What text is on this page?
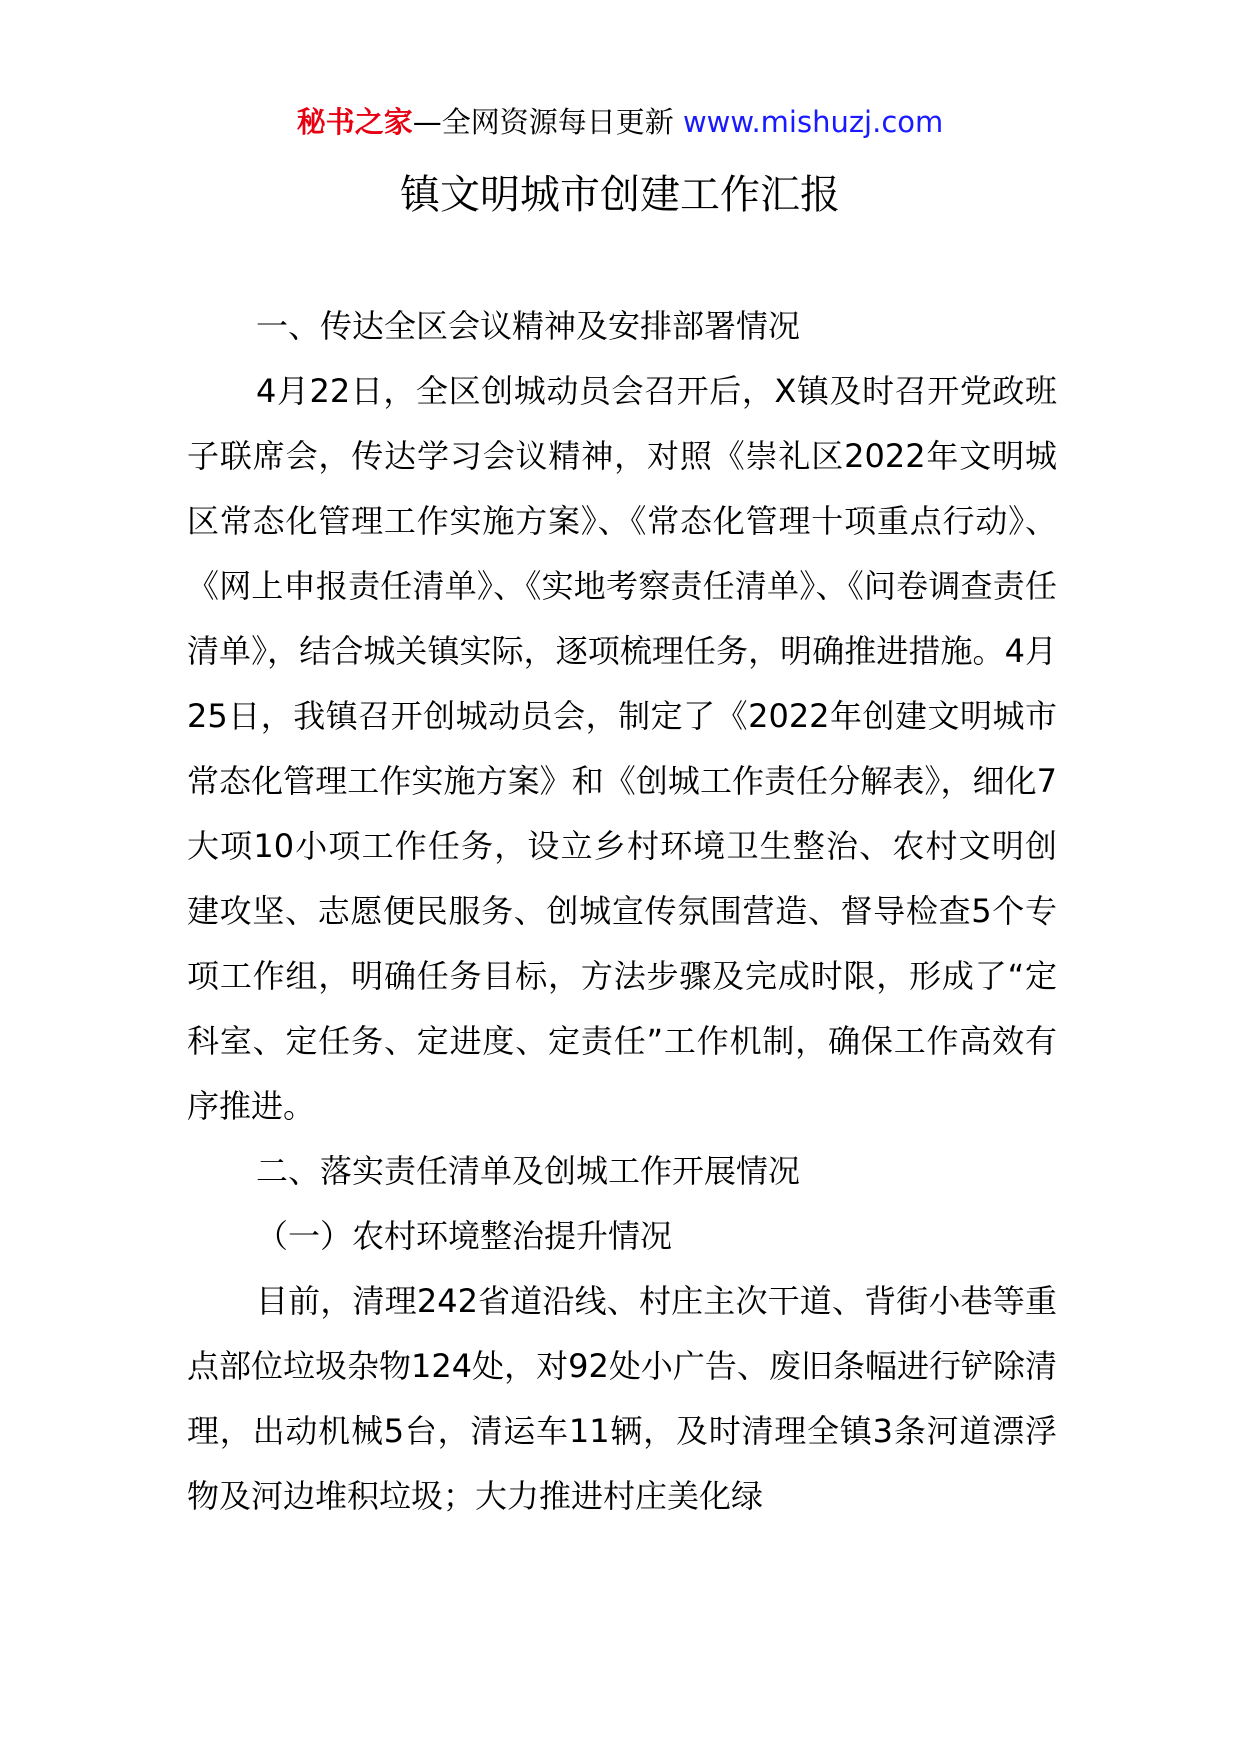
秘书之家—全网资源每日更新 www.mishuzj.com
镇文明城市创建工作汇报

一、传达全区会议精神及安排部署情况

4月22日，全区创城动员会召开后，X镇及时召开党政班子联席会，传达学习会议精神，对照《崇礼区2022年文明城区常态化管理工作实施方案》、《常态化管理十项重点行动》、《网上申报责任清单》、《实地考察责任清单》、《问卷调查责任清单》，结合城关镇实际，逐项梳理任务，明确推进措施。4月25日，我镇召开创城动员会，制定了《2022年创建文明城市常态化管理工作实施方案》和《创城工作责任分解表》，细化7大项10小项工作任务，设立乡村环境卫生整治、农村文明创建攻坚、志愿便民服务、创城宣传氛围营造、督导检查5个专项工作组，明确任务目标，方法步骤及完成时限，形成了“定科室、定任务、定进度、定责任”工作机制，确保工作高效有序推进。

二、落实责任清单及创城工作开展情况

（一）农村环境整治提升情况

目前，清理242省道沿线、村庄主次干道、背街小巷等重点部位垃圾杂物124处，对92处小广告、废旧条幅进行铲除清理，出动机械5台，清运车11辆，及时清理全镇3条河道漂浮物及河边堆积垃圾；大力推进村庄美化绿
